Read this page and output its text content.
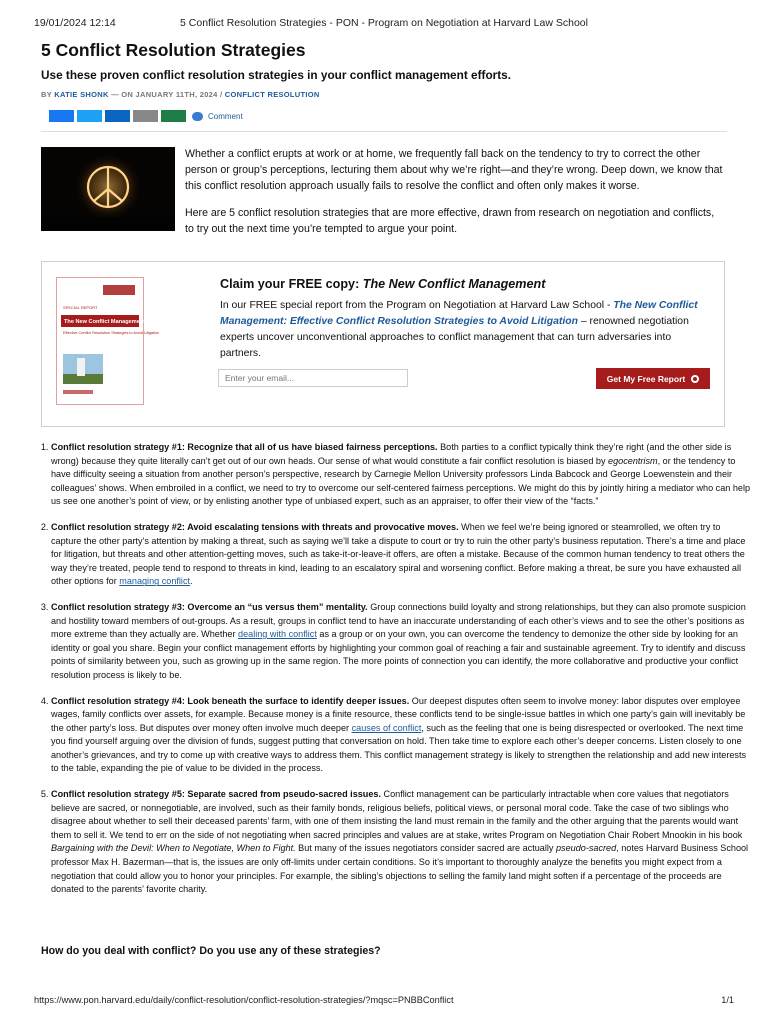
19/01/2024 12:14	5 Conflict Resolution Strategies - PON - Program on Negotiation at Harvard Law School
5 Conflict Resolution Strategies

Use these proven conflict resolution strategies in your conflict management efforts.

BY KATIE SHONK — ON JANUARY 11TH, 2024 / CONFLICT RESOLUTION
Comment

Whether a conflict erupts at work or at home, we frequently fall back on the tendency to try to correct the other person or group’s perceptions, lecturing them about why we’re right—and they’re wrong. Deep down, we know that this conflict resolution approach usually fails to resolve the conflict and often only makes it worse.

Here are 5 conflict resolution strategies that are more effective, drawn from research on negotiation and conflicts, to try out the next time you’re tempted to argue your point.

SPECIAL REPORT
The New Conflict Management
Effective Conflict Resolution Strategies to Avoid Litigation
Claim your FREE copy: The New Conflict Management
In our FREE special report from the Program on Negotiation at Harvard Law School - The New Conflict Management: Effective Conflict Resolution Strategies to Avoid Litigation – renowned negotiation experts uncover unconventional approaches to conflict management that can turn adversaries into partners.
Enter your email...
Get My Free Report
1. Conflict resolution strategy #1: Recognize that all of us have biased fairness perceptions. Both parties to a conflict typically think they’re right (and the other side is wrong) because they quite literally can’t get out of our own heads. Our sense of what would constitute a fair conflict resolution is biased by egocentrism, or the tendency to have difficulty seeing a situation from another person’s perspective, research by Carnegie Mellon University professors Linda Babcock and George Loewenstein and their colleagues’ shows. When embroiled in a conflict, we need to try to overcome our self-centered fairness perceptions. We might do this by jointly hiring a mediator who can help us see one another’s point of view, or by enlisting another type of unbiased expert, such as an appraiser, to offer their view of the “facts.”
2. Conflict resolution strategy #2: Avoid escalating tensions with threats and provocative moves. When we feel we’re being ignored or steamrolled, we often try to capture the other party’s attention by making a threat, such as saying we’ll take a dispute to court or try to ruin the other party’s business reputation. There’s a time and place for litigation, but threats and other attention-getting moves, such as take-it-or-leave-it offers, are often a mistake. Because of the common human tendency to treat others the way they’re treated, people tend to respond to threats in kind, leading to an escalatory spiral and worsening conflict. Before making a threat, be sure you have exhausted all other options for managing conflict.
3. Conflict resolution strategy #3: Overcome an “us versus them” mentality. Group connections build loyalty and strong relationships, but they can also promote suspicion and hostility toward members of out-groups. As a result, groups in conflict tend to have an inaccurate understanding of each other’s views and to see the other’s positions as more extreme than they actually are. Whether dealing with conflict as a group or on your own, you can overcome the tendency to demonize the other side by looking for an identity or goal you share. Begin your conflict management efforts by highlighting your common goal of reaching a fair and sustainable agreement. Try to identify and discuss points of similarity between you, such as growing up in the same region. The more points of connection you can identify, the more collaborative and productive your conflict resolution process is likely to be.
4. Conflict resolution strategy #4: Look beneath the surface to identify deeper issues. Our deepest disputes often seem to involve money: labor disputes over employee wages, family conflicts over assets, for example. Because money is a finite resource, these conflicts tend to be single-issue battles in which one party’s gain will inevitably be the other party’s loss. But disputes over money often involve much deeper causes of conflict, such as the feeling that one is being disrespected or overlooked. The next time you find yourself arguing over the division of funds, suggest putting that conversation on hold. Then take time to explore each other’s deeper concerns. Listen closely to one another’s grievances, and try to come up with creative ways to address them. This conflict management strategy is likely to strengthen the relationship and add new interests to the table, expanding the pie of value to be divided in the process.
5. Conflict resolution strategy #5: Separate sacred from pseudo-sacred issues. Conflict management can be particularly intractable when core values that negotiators believe are sacred, or nonnegotiable, are involved, such as their family bonds, religious beliefs, political views, or personal moral code. Take the case of two siblings who disagree about whether to sell their deceased parents’ farm, with one of them insisting the land must remain in the family and the other arguing that the parents would want them to sell it. We tend to err on the side of not negotiating when sacred principles and values are at stake, writes Program on Negotiation Chair Robert Mnookin in his book Bargaining with the Devil: When to Negotiate, When to Fight. But many of the issues negotiators consider sacred are actually pseudo-sacred, notes Harvard Business School professor Max H. Bazerman—that is, the issues are only off-limits under certain conditions. So it’s important to thoroughly analyze the benefits you might expect from a negotiation that could allow you to honor your principles. For example, the sibling’s objections to selling the family land might soften if a percentage of the proceeds are donated to the parents’ favorite charity.
How do you deal with conflict? Do you use any of these strategies?
https://www.pon.harvard.edu/daily/conflict-resolution/conflict-resolution-strategies/?mqsc=PNBBConflict	1/1
